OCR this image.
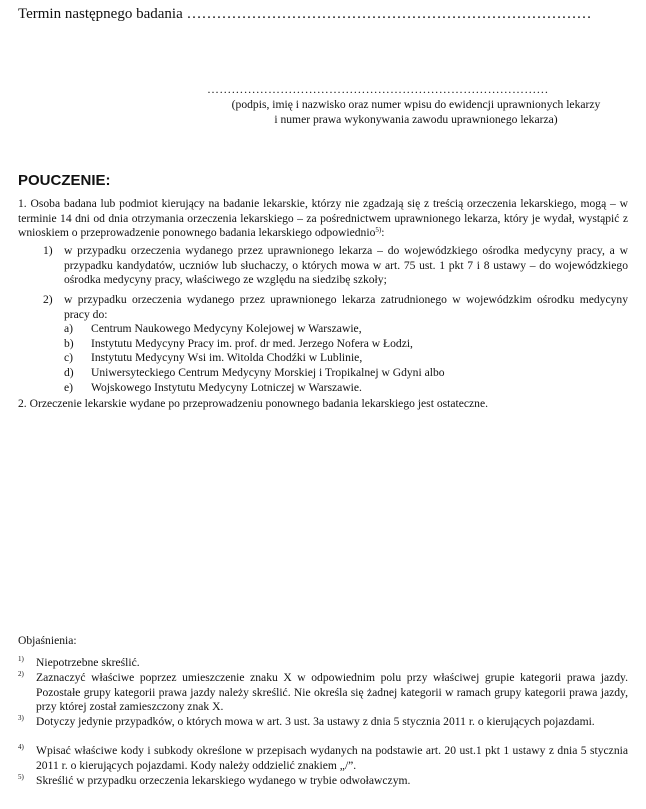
Termin następnego badania ………………………………………………………………………
…………………………………………………………………………
(podpis, imię i nazwisko oraz numer wpisu do ewidencji uprawnionych lekarzy
i numer prawa wykonywania zawodu uprawnionego lekarza)
POUCZENIE:
1. Osoba badana lub podmiot kierujący na badanie lekarskie, którzy nie zgadzają się z treścią orzeczenia lekarskiego, mogą – w terminie 14 dni od dnia otrzymania orzeczenia lekarskiego – za pośrednictwem uprawnionego lekarza, który je wydał, wystąpić z wnioskiem o przeprowadzenie ponownego badania lekarskiego odpowiednio$^{5)}$:
1) w przypadku orzeczenia wydanego przez uprawnionego lekarza – do wojewódzkiego ośrodka medycyny pracy, a w przypadku kandydatów, uczniów lub słuchaczy, o których mowa w art. 75 ust. 1 pkt 7 i 8 ustawy – do wojewódzkiego ośrodka medycyny pracy, właściwego ze względu na siedzibę szkoły;
2) w przypadku orzeczenia wydanego przez uprawnionego lekarza zatrudnionego w wojewódzkim ośrodku medycyny pracy do:
a) Centrum Naukowego Medycyny Kolejowej w Warszawie,
b) Instytutu Medycyny Pracy im. prof. dr med. Jerzego Nofera w Łodzi,
c) Instytutu Medycyny Wsi im. Witolda Chodźki w Lublinie,
d) Uniwersyteckiego Centrum Medycyny Morskiej i Tropikalnej w Gdyni albo
e) Wojskowego Instytutu Medycyny Lotniczej w Warszawie.
2. Orzeczenie lekarskie wydane po przeprowadzeniu ponownego badania lekarskiego jest ostateczne.
Objaśnienia:
1) Niepotrzebne skreślić.
2) Zaznaczyć właściwe poprzez umieszczenie znaku X w odpowiednim polu przy właściwej grupie kategorii prawa jazdy. Pozostałe grupy kategorii prawa jazdy należy skreślić. Nie określa się żadnej kategorii w ramach grupy kategorii prawa jazdy, przy której został zamieszczony znak X.
3) Dotyczy jedynie przypadków, o których mowa w art. 3 ust. 3a ustawy z dnia 5 stycznia 2011 r. o kierujących pojazdami.
4) Wpisać właściwe kody i subkody określone w przepisach wydanych na podstawie art. 20 ust.1 pkt 1 ustawy z dnia 5 stycznia 2011 r. o kierujących pojazdami. Kody należy oddzielić znakiem „/”.
5) Skreślić w przypadku orzeczenia lekarskiego wydanego w trybie odwoławczym.
